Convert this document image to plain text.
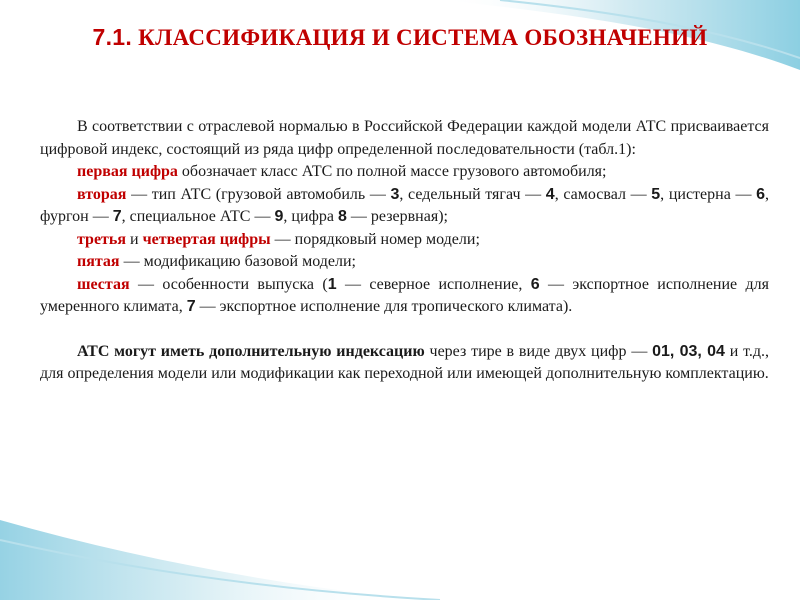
7.1. КЛАССИФИКАЦИЯ И СИСТЕМА ОБОЗНАЧЕНИЙ

В соответствии с отраслевой нормалью в Российской Федерации каждой модели АТС присваивается цифровой индекс, состоящий из ряда цифр определенной последовательности (табл.1):

первая цифра обозначает класс АТС по полной массе грузового автомобиля;

вторая — тип АТС (грузовой автомобиль — 3, седельный тягач — 4, самосвал — 5, цистерна — 6, фургон — 7, специальное АТС — 9, цифра 8 — резервная);

третья и четвертая цифры — порядковый номер модели;

пятая — модификацию базовой модели;

шестая — особенности выпуска (1 — северное исполнение, 6 — экспортное исполнение для умеренного климата, 7 — экспортное исполнение для тропического климата).

АТС могут иметь дополнительную индексацию через тире в виде двух цифр — 01, 03, 04 и т.д., для определения модели или модификации как переходной или имеющей дополнительную комплектацию.
